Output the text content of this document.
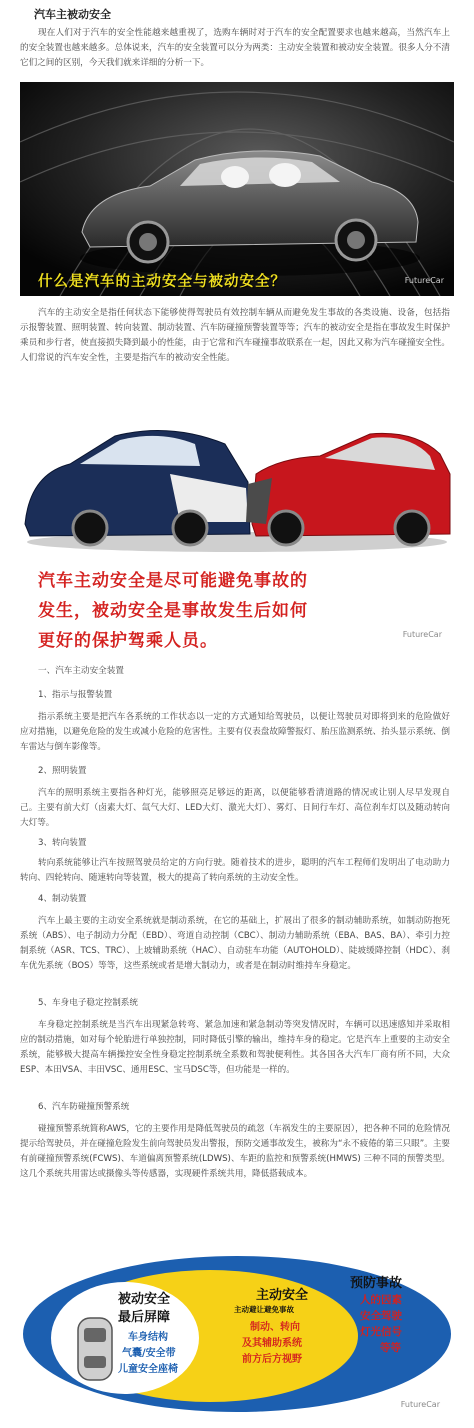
汽车主被动安全
现在人们对于汽车的安全性能越来越重视了，选购车辆时对于汽车的安全配置要求也越来越高，当然汽车上的安全装置也越来越多。总体说来，汽车的安全装置可以分为两类：主动安全装置和被动安全装置。很多人分不清它们之间的区别，今天我们就来详细的分析一下。
什么是汽车的主动安全与被动安全？	FutureCar
汽车的主动安全是指任何状态下能够使得驾驶员有效控制车辆从而避免发生事故的各类设施、设备，包括指示报警装置、照明装置、转向装置、制动装置、汽车防碰撞预警装置等等；汽车的被动安全是指在事故发生时保护乘员和步行者，使直接损失降到最小的性能，由于它常和汽车碰撞事故联系在一起，因此又称为汽车碰撞安全性。人们常说的汽车安全性，主要是指汽车的被动安全性能。
汽车主动安全是尽可能避免事故的
发生，被动安全是事故发生后如何
更好的保护驾乘人员。	FutureCar
一、汽车主动安全装置
1、指示与报警装置
指示系统主要是把汽车各系统的工作状态以一定的方式通知给驾驶员，以便让驾驶员对即将到来的危险做好应对措施，以避免危险的发生或减小危险的危害性。主要有仪表盘故障警报灯、胎压监测系统、抬头显示系统、倒车雷达与倒车影像等。
2、照明装置
汽车的照明系统主要指各种灯光，能够照亮足够远的距离，以便能够看清道路的情况或让别人尽早发现自己。主要有前大灯（卤素大灯、氙气大灯、LED大灯、激光大灯）、雾灯、日间行车灯、高位刹车灯以及随动转向大灯等。
3、转向装置
转向系统能够让汽车按照驾驶员给定的方向行驶。随着技术的进步，聪明的汽车工程师们发明出了电动助力转向、四轮转向、随速转向等装置，极大的提高了转向系统的主动安全性。
4、制动装置
汽车上最主要的主动安全系统就是制动系统，在它的基础上，扩展出了很多的制动辅助系统，如制动防抱死系统（ABS）、电子制动力分配（EBD）、弯道自动控制（CBC）、制动力辅助系统（EBA、BAS、BA）、牵引力控制系统（ASR、TCS、TRC）、上坡辅助系统（HAC）、自动驻车功能（AUTOHOLD）、陡坡缓降控制（HDC）、刹车优先系统（BOS）等等，这些系统或者是增大制动力，或者是在制动时维持车身稳定。
5、车身电子稳定控制系统
车身稳定控制系统是当汽车出现紧急转弯、紧急加速和紧急制动等突发情况时，车辆可以迅速感知并采取相应的制动措施，如对每个轮胎进行单独控制，同时降低引擎的输出，维持车身的稳定。它是汽车上重要的主动安全系统，能够极大提高车辆操控安全性身稳定控制系统全系数和驾驶便利性。其各国各大汽车厂商有所不同，大众ESP、本田VSA、丰田VSC、通用ESC、宝马DSC等，但功能是一样的。
6、汽车防碰撞预警系统
碰撞预警系统简称AWS，它的主要作用是降低驾驶员的疏忽（车祸发生的主要原因），把各种不同的危险情况提示给驾驶员，并在碰撞危险发生前向驾驶员发出警报，预防交通事故发生，被称为“永不疲倦的第三只眼”。主要有前碰撞预警系统(FCWS)、车道偏离预警系统(LDWS)、车距的监控和预警系统(HMWS) 三种不同的预警类型。这几个系统共用雷达或摄像头等传感器，实现硬件系统共用，降低搭载成本。
被动安全
最后屏障
车身结构
气囊/安全带
儿童安全座椅
主动安全
主动避让避免事故
制动、转向
及其辅助系统
前方后方视野
预防事故
人的因素
安全驾驶
灯光信号
等等
FutureCar
